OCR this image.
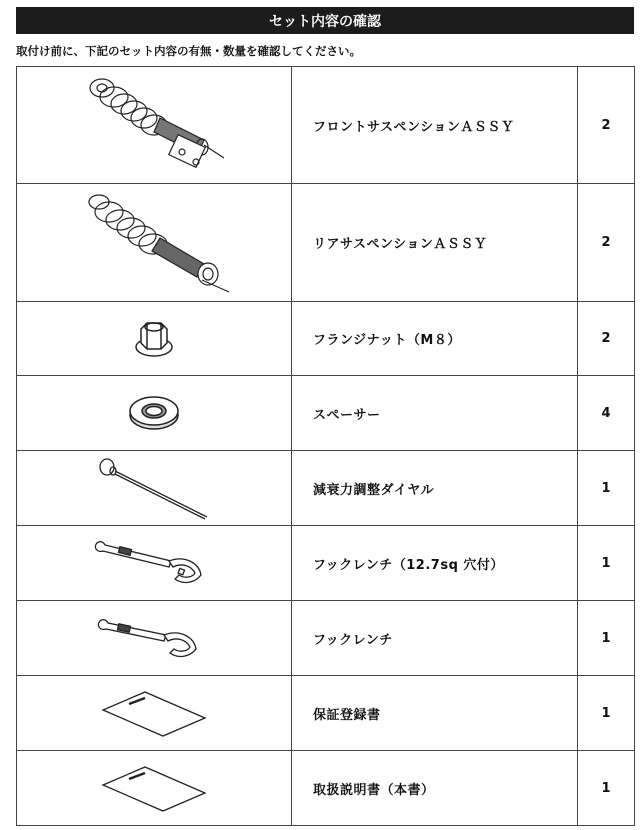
セット内容の確認
取付け前に、下記のセット内容の有無・数量を確認してください。
	フロントサスペンションＡＳＳＹ	2

	リアサスペンションＡＳＳＹ	2

	フランジナット（M８）	2

	スペーサー	4

	減衰力調整ダイヤル	1

	フックレンチ（12.7sq 穴付）	1

	フックレンチ	1

	保証登録書	1

	取扱説明書（本書）	1
